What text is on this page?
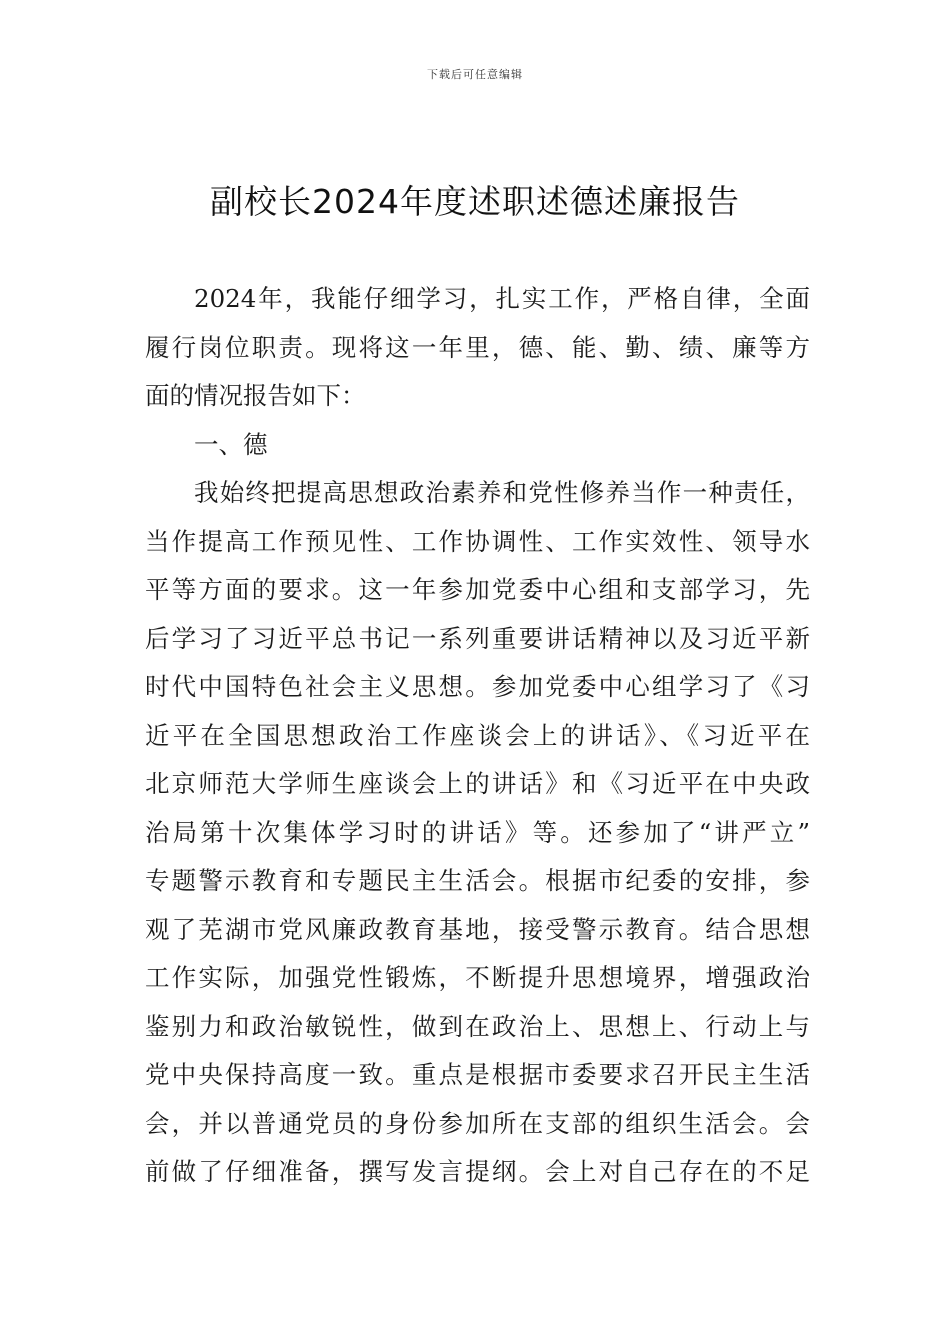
下载后可任意编辑
副校长2024年度述职述德述廉报告
2024年，我能仔细学习，扎实工作，严格自律，全面
履行岗位职责。现将这一年里，德、能、勤、绩、廉等方
面的情况报告如下：
一、德
我始终把提高思想政治素养和党性修养当作一种责任，
当作提高工作预见性、工作协调性、工作实效性、领导水
平等方面的要求。这一年参加党委中心组和支部学习，先
后学习了习近平总书记一系列重要讲话精神以及习近平新
时代中国特色社会主义思想。参加党委中心组学习了《习
近平在全国思想政治工作座谈会上的讲话》、《习近平在
北京师范大学师生座谈会上的讲话》和《习近平在中央政
治局第十次集体学习时的讲话》等。还参加了“讲严立”
专题警示教育和专题民主生活会。根据市纪委的安排，参
观了芜湖市党风廉政教育基地，接受警示教育。结合思想
工作实际，加强党性锻炼，不断提升思想境界，增强政治
鉴别力和政治敏锐性，做到在政治上、思想上、行动上与
党中央保持高度一致。重点是根据市委要求召开民主生活
会，并以普通党员的身份参加所在支部的组织生活会。会
前做了仔细准备，撰写发言提纲。会上对自己存在的不足
